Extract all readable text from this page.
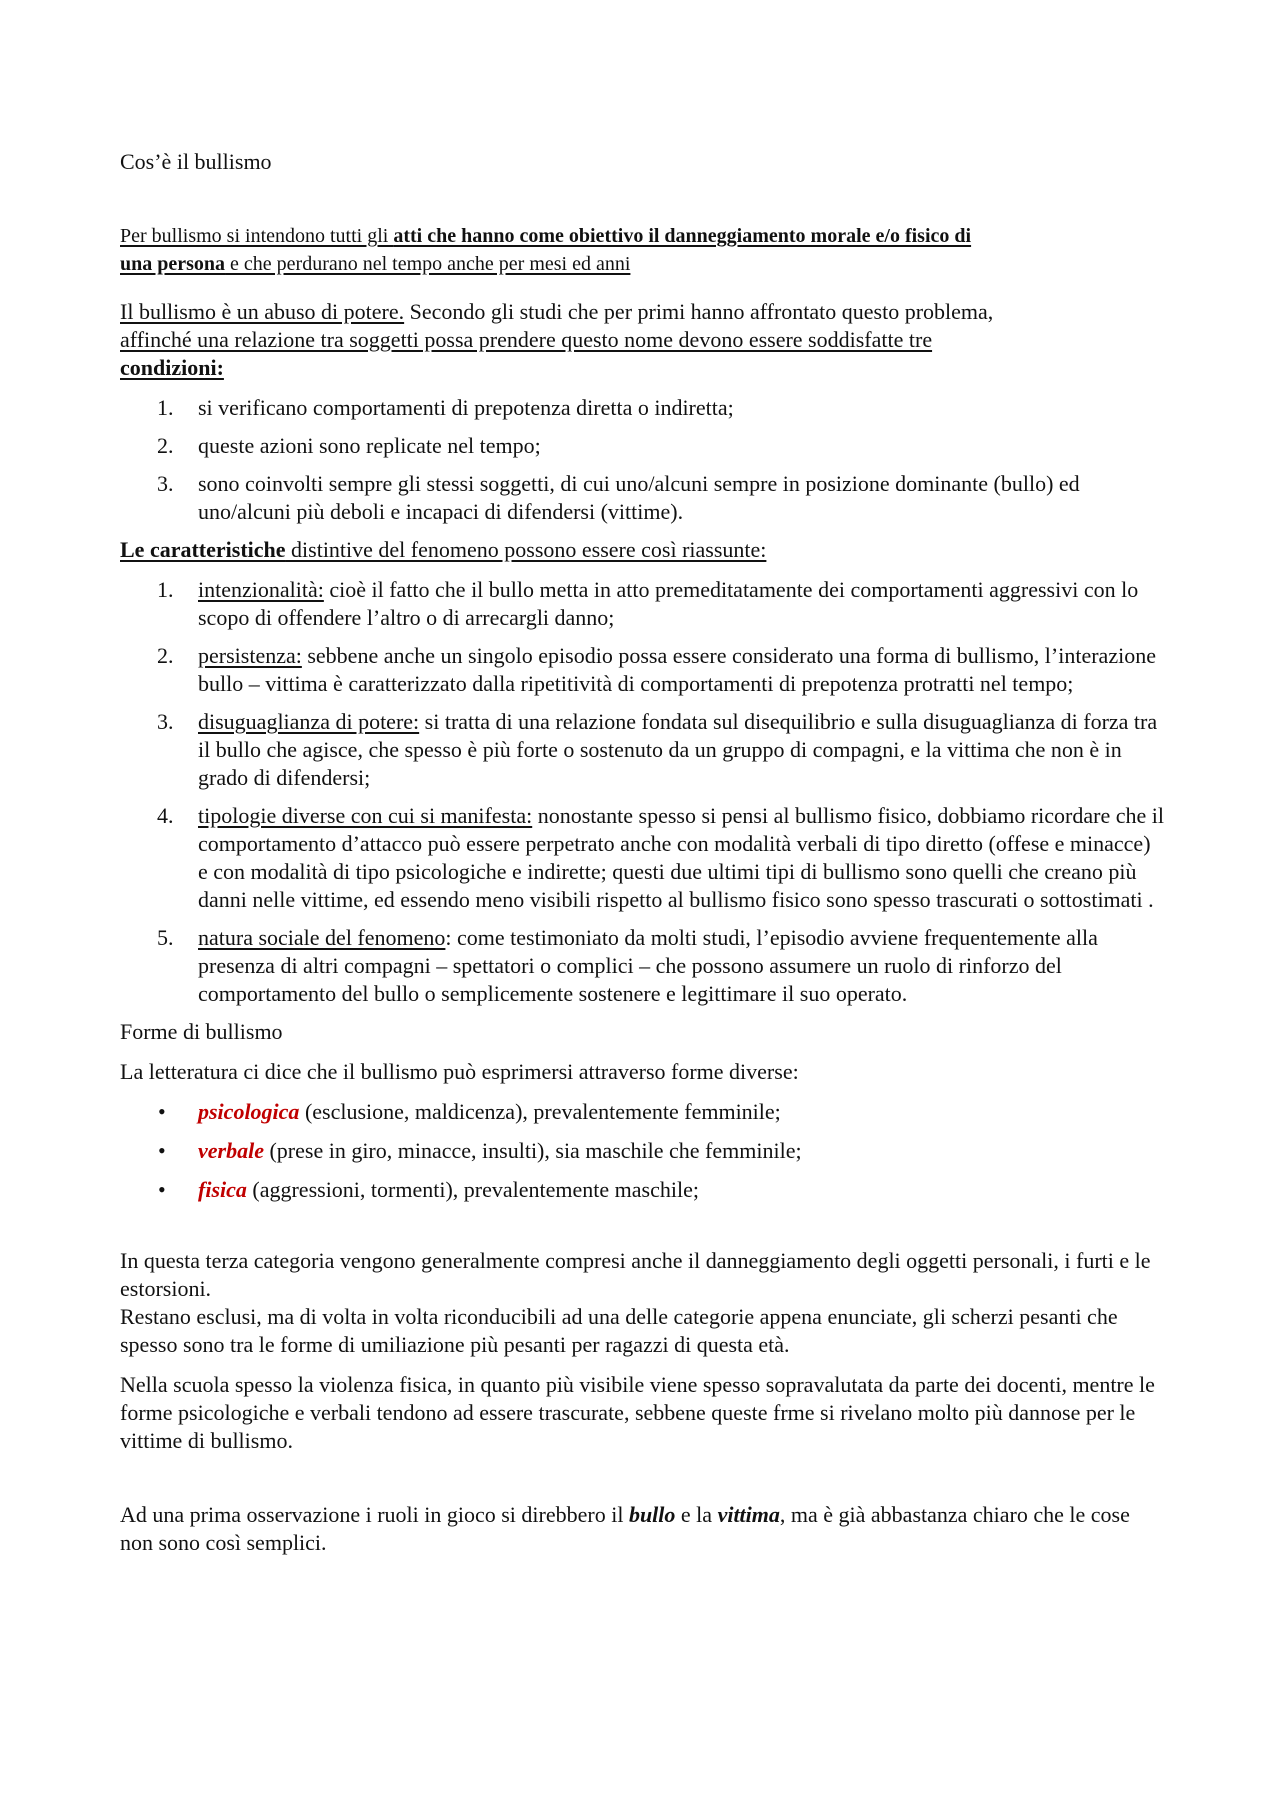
Cos’è il bullismo

Per bullismo si intendono tutti gli atti che hanno come obiettivo il danneggiamento morale e/o fisico di
una persona e che perdurano nel tempo anche per mesi ed anni

Il bullismo è un abuso di potere. Secondo gli studi che per primi hanno affrontato questo problema,
affinché una relazione tra soggetti possa prendere questo nome devono essere soddisfatte tre
condizioni:

1. si verificano comportamenti di prepotenza diretta o indiretta;
2. queste azioni sono replicate nel tempo;
3. sono coinvolti sempre gli stessi soggetti, di cui uno/alcuni sempre in posizione dominante (bullo) ed uno/alcuni più deboli e incapaci di difendersi (vittime).

Le caratteristiche distintive del fenomeno possono essere così riassunte:

1. intenzionalità: cioè il fatto che il bullo metta in atto premeditatamente dei comportamenti aggressivi con lo scopo di offendere l’altro o di arrecargli danno;
2. persistenza: sebbene anche un singolo episodio possa essere considerato una forma di bullismo, l’interazione bullo – vittima è caratterizzato dalla ripetitività di comportamenti di prepotenza protratti nel tempo;
3. disuguaglianza di potere: si tratta di una relazione fondata sul disequilibrio e sulla disuguaglianza di forza tra il bullo che agisce, che spesso è più forte o sostenuto da un gruppo di compagni, e la vittima che non è in grado di difendersi;
4. tipologie diverse con cui si manifesta: nonostante spesso si pensi al bullismo fisico, dobbiamo ricordare che il comportamento d’attacco può essere perpetrato anche con modalità verbali di tipo diretto (offese e minacce) e con modalità di tipo psicologiche e indirette; questi due ultimi tipi di bullismo sono quelli che creano più danni nelle vittime, ed essendo meno visibili rispetto al bullismo fisico sono spesso trascurati o sottostimati .
5. natura sociale del fenomeno: come testimoniato da molti studi, l’episodio avviene frequentemente alla presenza di altri compagni – spettatori o complici – che possono assumere un ruolo di rinforzo del comportamento del bullo o semplicemente sostenere e legittimare il suo operato.

Forme di bullismo

La letteratura ci dice che il bullismo può esprimersi attraverso forme diverse:

• psicologica (esclusione, maldicenza), prevalentemente femminile;
• verbale (prese in giro, minacce, insulti), sia maschile che femminile;
• fisica (aggressioni, tormenti), prevalentemente maschile;

In questa terza categoria vengono generalmente compresi anche il danneggiamento degli oggetti personali, i furti e le estorsioni.

Restano esclusi, ma di volta in volta riconducibili ad una delle categorie appena enunciate, gli scherzi pesanti che spesso sono tra le forme di umiliazione più pesanti per ragazzi di questa età.

Nella scuola spesso la violenza fisica, in quanto più visibile viene spesso sopravalutata da parte dei docenti, mentre le forme psicologiche e verbali tendono ad essere trascurate, sebbene queste frme si rivelano molto più dannose per le vittime di bullismo.

Ad una prima osservazione i ruoli in gioco si direbbero il bullo e la vittima, ma è già abbastanza chiaro che le cose non sono così semplici.
